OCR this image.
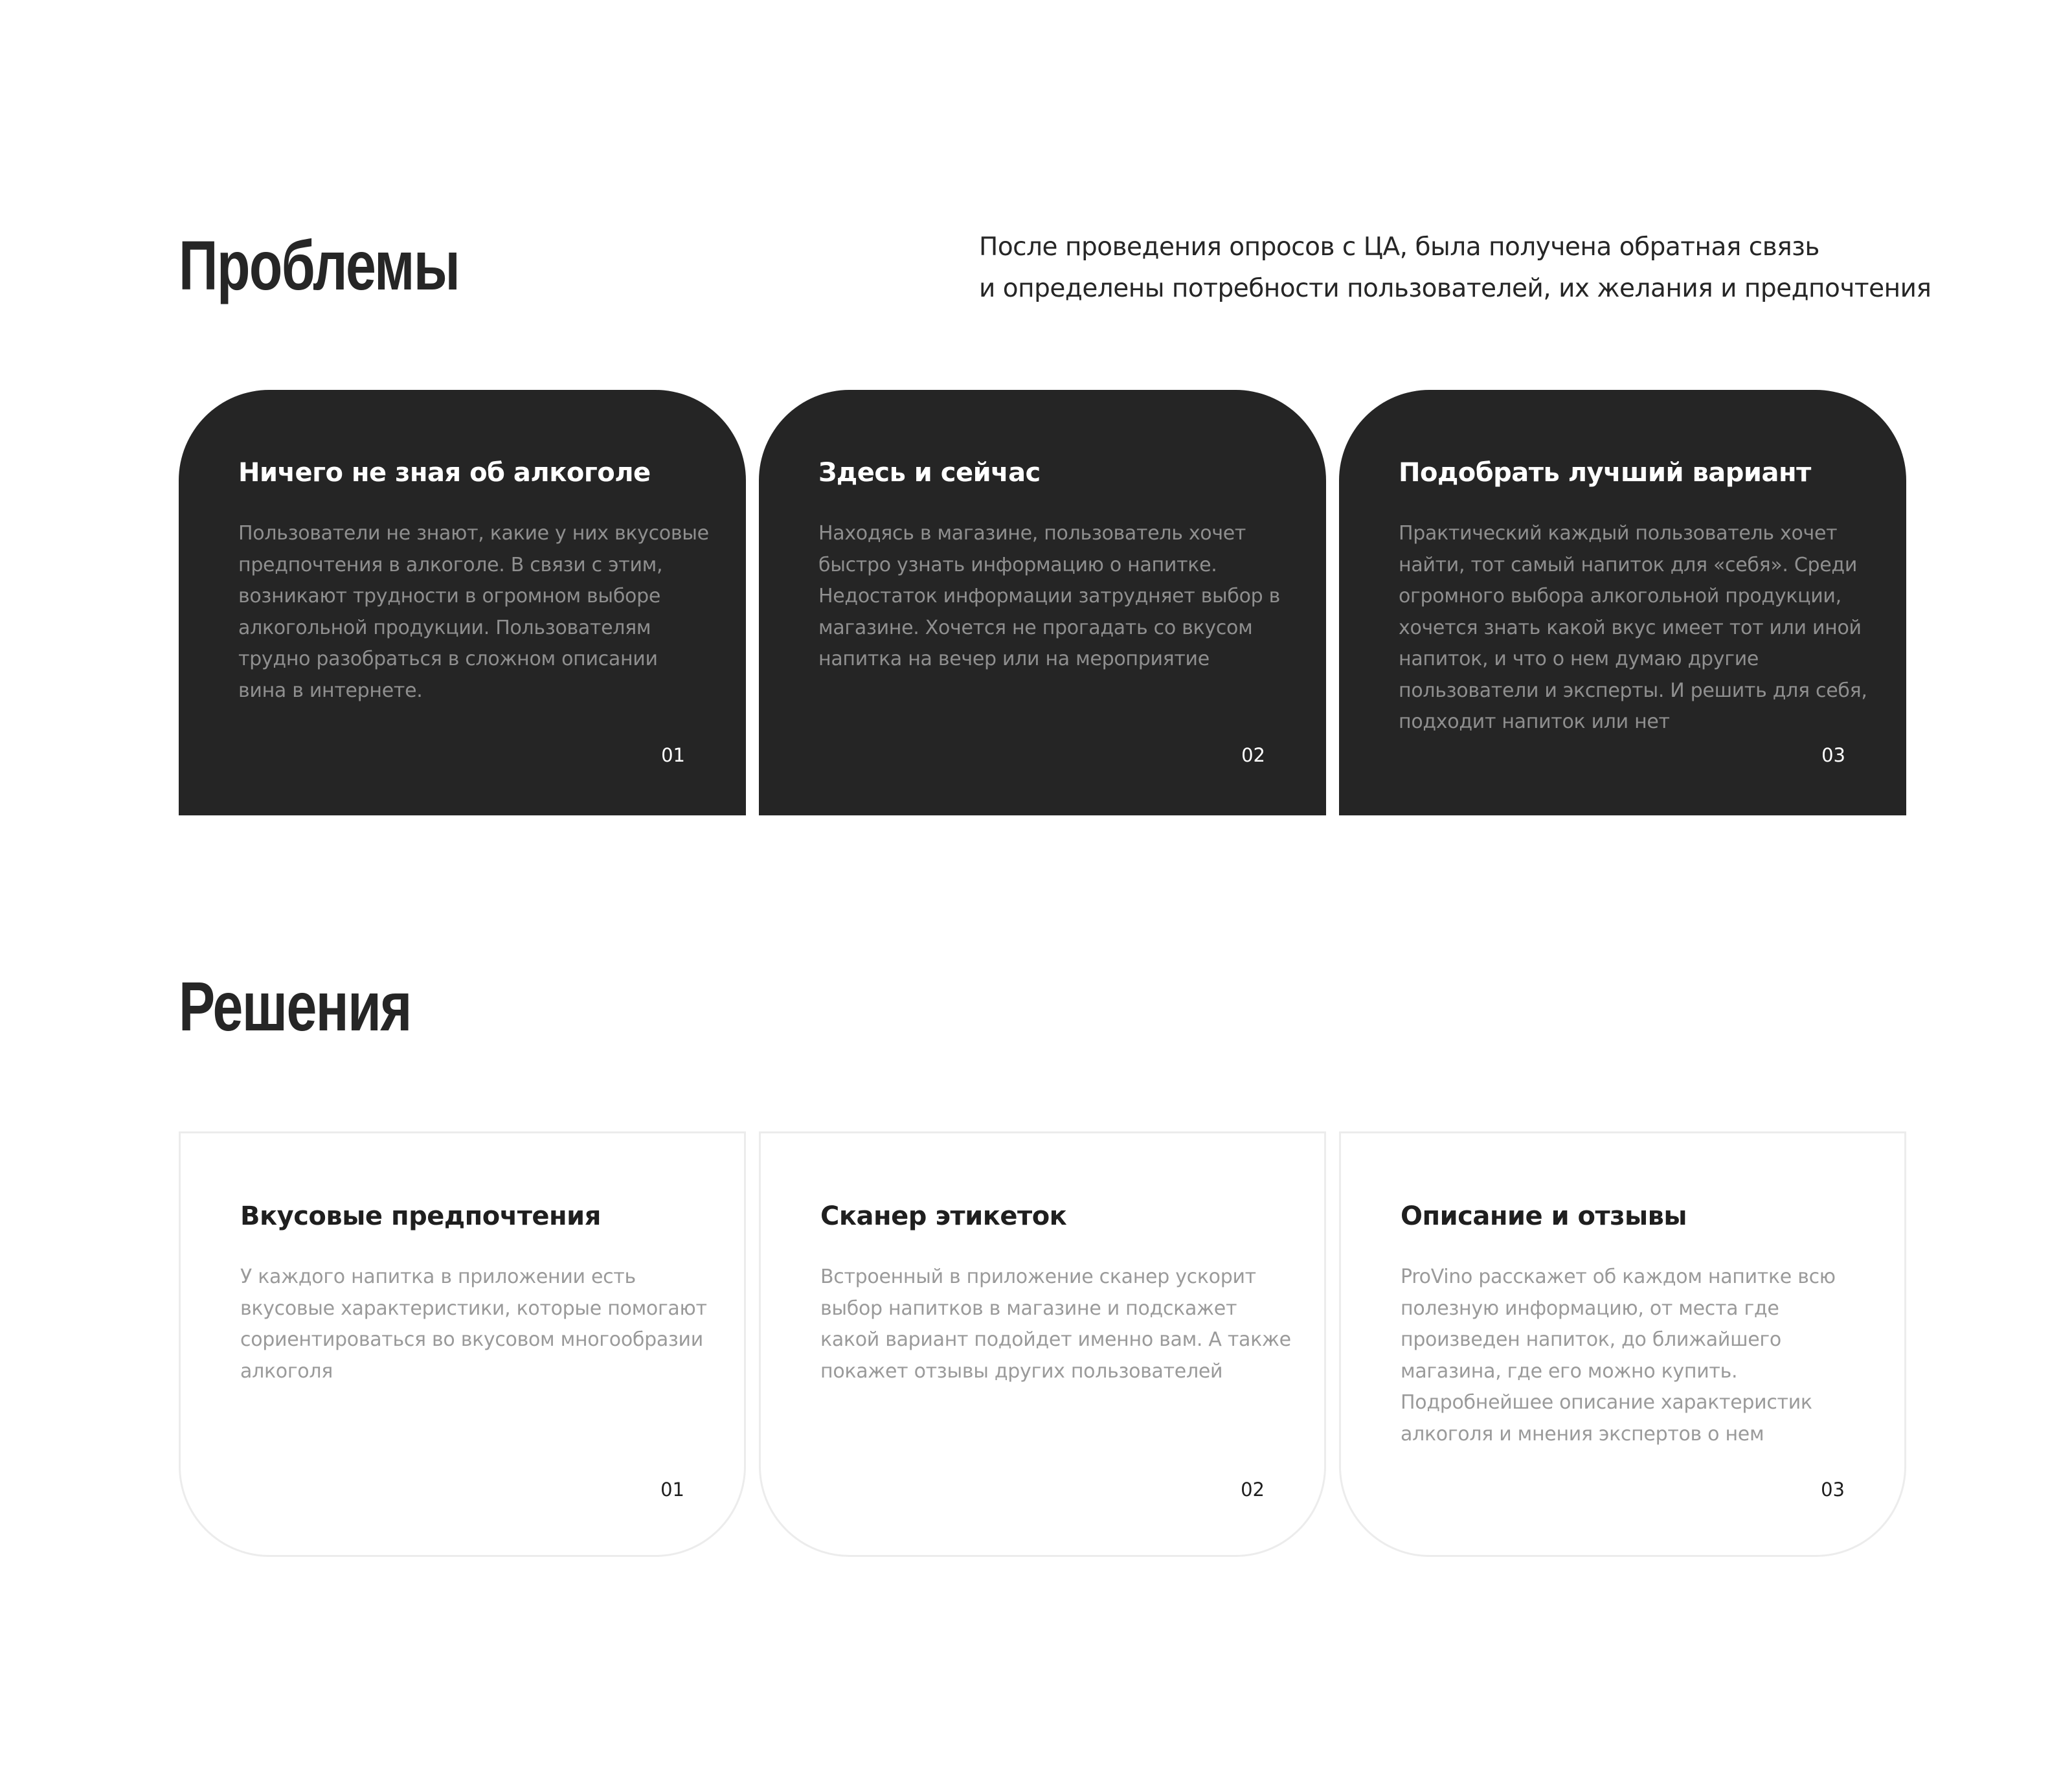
Проблемы	После проведения опросов с ЦА, была получена обратная связь
и определены потребности пользователей, их желания и предпочтения
Ничего не зная об алкоголе

Пользователи не знают, какие у них вкусовые
предпочтения в алкоголе. В связи с этим,
возникают трудности в огромном выборе
алкогольной продукции. Пользователям
трудно разобраться в сложном описании
вина в интернете.

01
Здесь и сейчас

Находясь в магазине, пользователь хочет
быстро узнать информацию о напитке.
Недостаток информации затрудняет выбор в
магазине. Хочется не прогадать со вкусом
напитка на вечер или на мероприятие

02
Подобрать лучший вариант

Практический каждый пользователь хочет
найти, тот самый напиток для «себя». Среди
огромного выбора алкогольной продукции,
хочется знать какой вкус имеет тот или иной
напиток, и что о нем думаю другие
пользователи и эксперты. И решить для себя,
подходит напиток или нет

03
Решения
Вкусовые предпочтения

У каждого напитка в приложении есть
вкусовые характеристики, которые помогают
сориентироваться во вкусовом многообразии
алкоголя

01
Сканер этикеток

Встроенный в приложение сканер ускорит
выбор напитков в магазине и подскажет
какой вариант подойдет именно вам. А также
покажет отзывы других пользователей

02
Описание и отзывы

ProVino расскажет об каждом напитке всю
полезную информацию, от места где
произведен напиток, до ближайшего
магазина, где его можно купить.
Подробнейшее описание характеристик
алкоголя и мнения экспертов о нем

03
